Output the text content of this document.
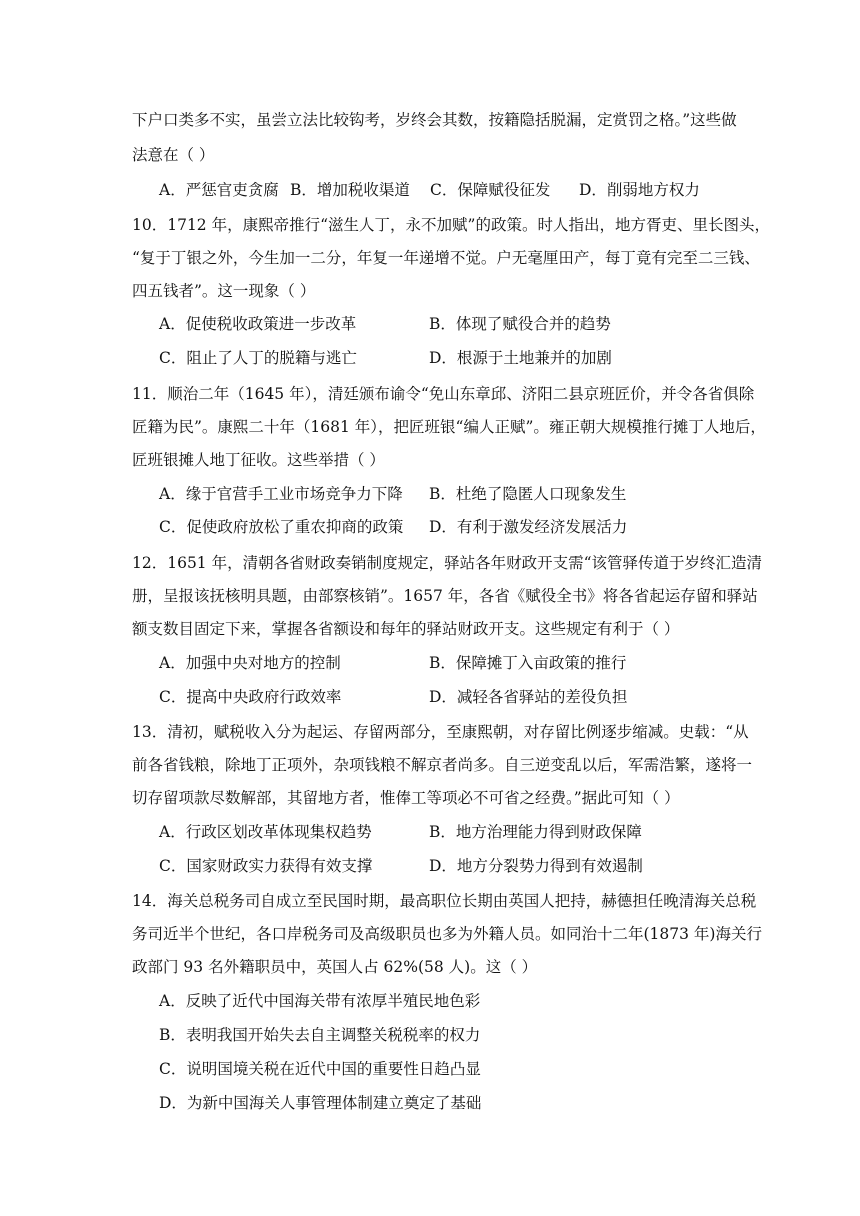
下户口类多不实，虽尝立法比较钩考，岁终会其数，按籍隐括脱漏，定赏罚之格。”这些做
法意在（ ）
A．严惩官吏贪腐 B．增加税收渠道 C．保障赋役征发 D．削弱地方权力
10．1712 年，康熙帝推行“滋生人丁，永不加赋”的政策。时人指出，地方胥吏、里长图头，
“复于丁银之外，今生加一二分，年复一年递增不觉。户无毫厘田产，每丁竟有完至二三钱、
四五钱者”。这一现象（ ）
A．促使税收政策进一步改革	B．体现了赋役合并的趋势
C．阻止了人丁的脱籍与逃亡	D．根源于土地兼并的加剧
11．顺治二年（1645 年），清廷颁布谕令“免山东章邱、济阳二县京班匠价，并令各省俱除
匠籍为民”。康熙二十年（1681 年），把匠班银“编人正赋”。雍正朝大规模推行摊丁人地后，
匠班银摊人地丁征收。这些举措（ ）
A．缘于官营手工业市场竞争力下降 B．杜绝了隐匿人口现象发生
C．促使政府放松了重农抑商的政策 D．有利于激发经济发展活力
12．1651 年，清朝各省财政奏销制度规定，驿站各年财政开支需“该管驿传道于岁终汇造清
册，呈报该抚核明具题，由部察核销”。1657 年，各省《赋役全书》将各省起运存留和驿站
额支数目固定下来，掌握各省额设和每年的驿站财政开支。这些规定有利于（ ）
A．加强中央对地方的控制	B．保障摊丁入亩政策的推行
C．提高中央政府行政效率	D．减轻各省驿站的差役负担
13．清初，赋税收入分为起运、存留两部分，至康熙朝，对存留比例逐步缩减。史载：“从
前各省钱粮，除地丁正项外，杂项钱粮不解京者尚多。自三逆变乱以后，军需浩繁，遂将一
切存留项款尽数解部，其留地方者，惟俸工等项必不可省之经费。”据此可知（ ）
A．行政区划改革体现集权趋势	B．地方治理能力得到财政保障
C．国家财政实力获得有效支撑	D．地方分裂势力得到有效遏制
14．海关总税务司自成立至民国时期，最高职位长期由英国人把持，赫德担任晚清海关总税
务司近半个世纪，各口岸税务司及高级职员也多为外籍人员。如同治十二年(1873 年)海关行
政部门 93 名外籍职员中，英国人占 62%(58 人)。这（ ）
A．反映了近代中国海关带有浓厚半殖民地色彩
B．表明我国开始失去自主调整关税税率的权力
C．说明国境关税在近代中国的重要性日趋凸显
D．为新中国海关人事管理体制建立奠定了基础
